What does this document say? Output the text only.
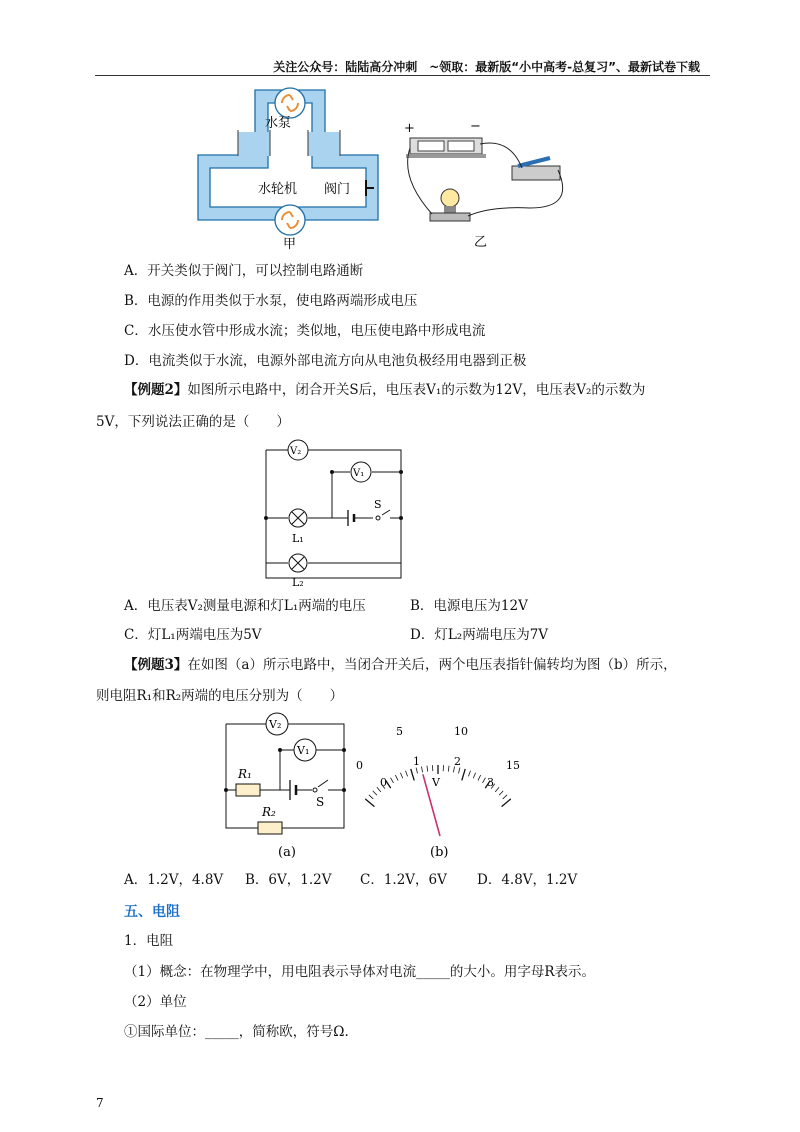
关注公众号：陆陆高分冲刺　~领取：最新版“小中高考-总复习”、最新试卷下载
水泵
水轮机 阀门
甲
+	−
乙
A．开关类似于阀门，可以控制电路通断
B．电源的作用类似于水泵，使电路两端形成电压
C．水压使水管中形成水流；类似地，电压使电路中形成电流
D．电流类似于水流，电源外部电流方向从电池负极经用电器到正极
【例题2】如图所示电路中，闭合开关S后，电压表V₁的示数为12V，电压表V₂的示数为
5V，下列说法正确的是（　　）
V₂
V₁
S
L₁
L₂
A．电压表V₂测量电源和灯L₁两端的电压	B．电源电压为12V
C．灯L₁两端电压为5V	D．灯L₂两端电压为7V
【例题3】在如图（a）所示电路中，当闭合开关后，两个电压表指针偏转均为图（b）所示，
则电阻R₁和R₂两端的电压分别为（　　）
V₂
V₁
R₁
R₂
S
(a)
0
5	10
15
0
1	2
3
V
(b)
A．1.2V，4.8V B．6V，1.2V C．1.2V，6V D．4.8V，1.2V
五、电阻
1．电阻
（1）概念：在物理学中，用电阻表示导体对电流_____的大小。用字母R表示。
（2）单位
①国际单位：_____，简称欧，符号Ω.
7
